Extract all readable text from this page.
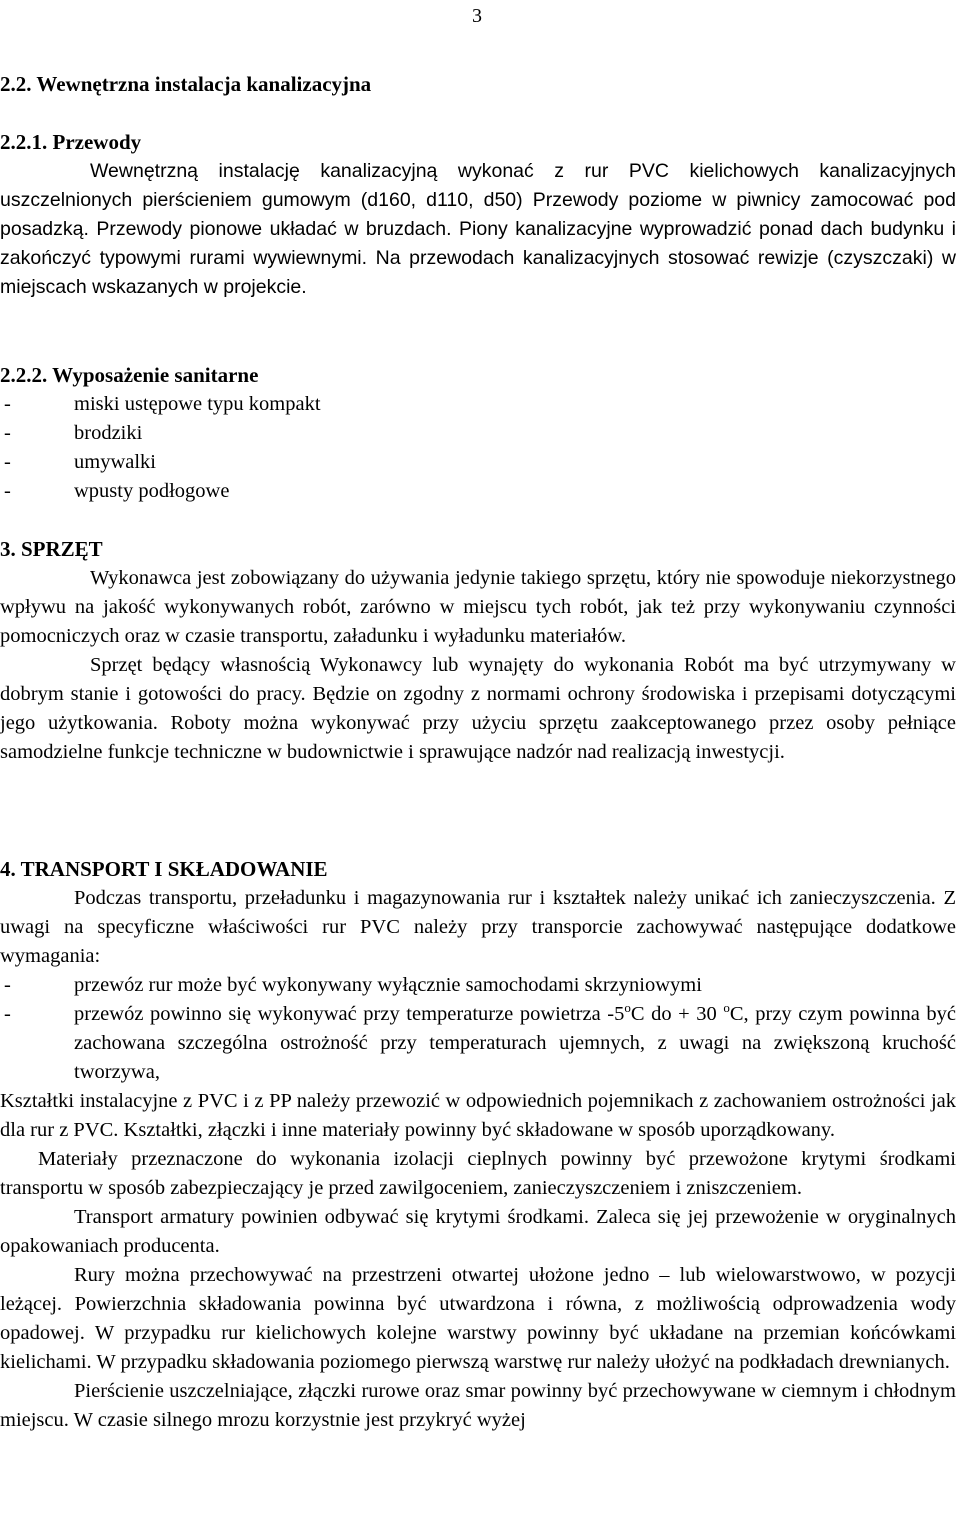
3
2.2. Wewnętrzna instalacja kanalizacyjna
2.2.1. Przewody

Wewnętrzną instalację kanalizacyjną wykonać z rur PVC kielichowych kanalizacyjnych uszczelnionych pierścieniem gumowym (d160, d110, d50) Przewody poziome w piwnicy zamocować pod posadzką. Przewody pionowe układać w bruzdach. Piony kanalizacyjne wyprowadzić ponad dach budynku i zakończyć typowymi rurami wywiewnymi. Na przewodach kanalizacyjnych stosować rewizje (czyszczaki) w miejscach wskazanych w projekcie.

2.2.2. Wyposażenie sanitarne
-	miski ustępowe typu kompakt
-	brodziki
-	umywalki
-	wpusty podłogowe
3. SPRZĘT

Wykonawca jest zobowiązany do używania jedynie takiego sprzętu, który nie spowoduje niekorzystnego wpływu na jakość wykonywanych robót, zarówno w miejscu tych robót, jak też przy wykonywaniu czynności pomocniczych oraz w czasie transportu, załadunku i wyładunku materiałów.

Sprzęt będący własnością Wykonawcy lub wynajęty do wykonania Robót ma być utrzymywany w dobrym stanie i gotowości do pracy. Będzie on zgodny z normami ochrony środowiska i przepisami dotyczącymi jego użytkowania. Roboty można wykonywać przy użyciu sprzętu zaakceptowanego przez osoby pełniące samodzielne funkcje techniczne w budownictwie i sprawujące nadzór nad realizacją inwestycji.

4. TRANSPORT I SKŁADOWANIE

Podczas transportu, przeładunku i magazynowania rur i kształtek należy unikać ich zanieczyszczenia. Z uwagi na specyficzne właściwości rur PVC należy przy transporcie zachowywać następujące dodatkowe wymagania:

-	przewóz rur może być wykonywany wyłącznie samochodami skrzyniowymi
-	przewóz powinno się wykonywać przy temperaturze powietrza -5$^o$C do + 30 $^o$C, przy czym powinna być zachowana szczególna ostrożność przy temperaturach ujemnych, z uwagi na zwiększoną kruchość tworzywa,

Kształtki instalacyjne z PVC i z PP należy przewozić w odpowiednich pojemnikach z zachowaniem ostrożności jak dla rur z PVC. Kształtki, złączki i inne materiały powinny być składowane w sposób uporządkowany.

Materiały przeznaczone do wykonania izolacji cieplnych powinny być przewożone krytymi środkami transportu w sposób zabezpieczający je przed zawilgoceniem, zanieczyszczeniem i zniszczeniem.

Transport armatury powinien odbywać się krytymi środkami. Zaleca się jej przewożenie w oryginalnych opakowaniach producenta.

Rury można przechowywać na przestrzeni otwartej ułożone jedno – lub wielowarstwowo, w pozycji leżącej. Powierzchnia składowania powinna być utwardzona i równa, z możliwością odprowadzenia wody opadowej. W przypadku rur kielichowych kolejne warstwy powinny być układane na przemian końcówkami kielichami. W przypadku składowania poziomego pierwszą warstwę rur należy ułożyć na podkładach drewnianych.

Pierścienie uszczelniające, złączki rurowe oraz smar powinny być przechowywane w ciemnym i chłodnym miejscu. W czasie silnego mrozu korzystnie jest przykryć wyżej
